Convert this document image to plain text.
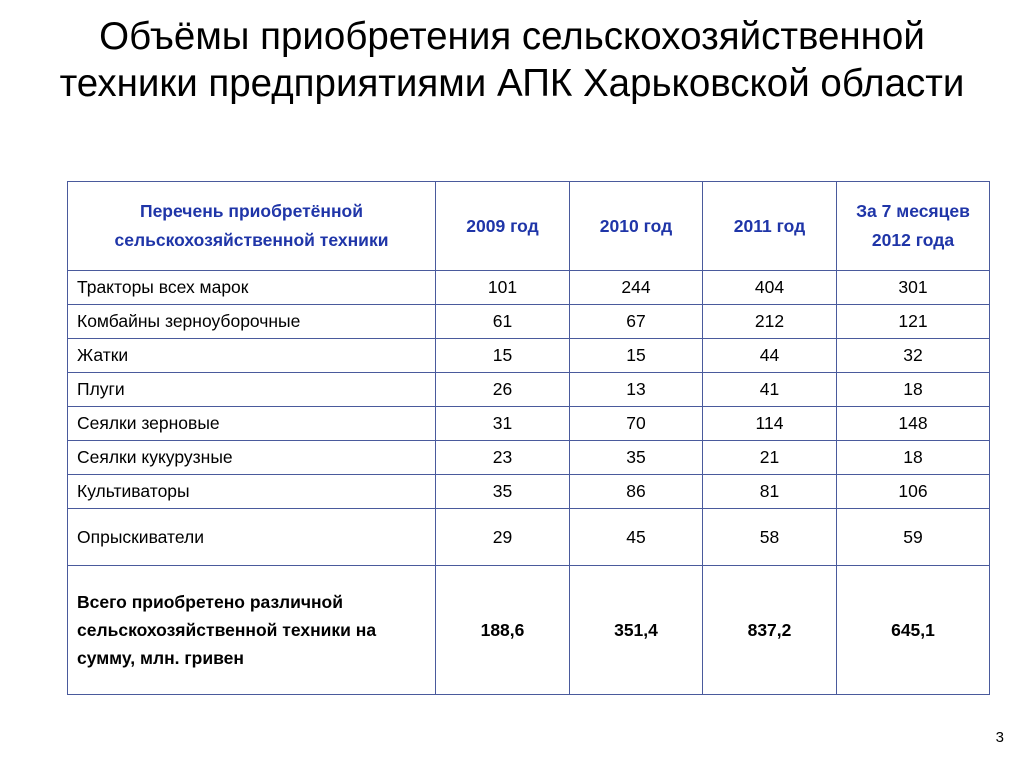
Объёмы приобретения сельскохозяйственной техники предприятиями АПК Харьковской области
Перечень приобретённой сельскохозяйственной техники	2009 год	2010 год	2011 год	За 7 месяцев 2012 года
Тракторы всех марок	101	244	404	301
Комбайны зерноуборочные	61	67	212	121
Жатки	15	15	44	32
Плуги	26	13	41	18
Сеялки зерновые	31	70	114	148
Сеялки кукурузные	23	35	21	18
Культиваторы	35	86	81	106
Опрыскиватели	29	45	58	59
Всего приобретено различной сельскохозяйственной техники на сумму, млн. гривен	188,6	351,4	837,2	645,1
3
